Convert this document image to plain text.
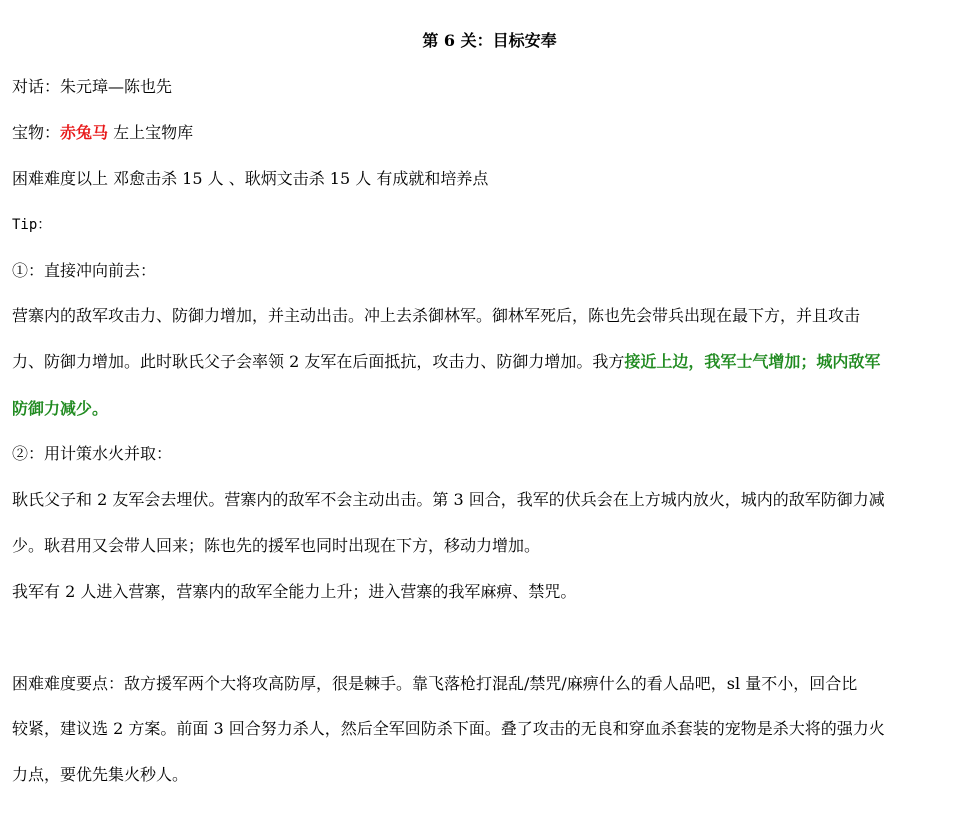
第 6 关：目标安奉
对话：朱元璋—陈也先
宝物：赤兔马 左上宝物库
困难难度以上 邓愈击杀 15 人 、耿炳文击杀 15 人 有成就和培养点
Tip：
①：直接冲向前去：
营寨内的敌军攻击力、防御力增加，并主动出击。冲上去杀御林军。御林军死后，陈也先会带兵出现在最下方，并且攻击
力、防御力增加。此时耿氏父子会率领 2 友军在后面抵抗，攻击力、防御力增加。我方接近上边，我军士气增加；城内敌军
防御力减少。
②：用计策水火并取：
耿氏父子和 2 友军会去埋伏。营寨内的敌军不会主动出击。第 3 回合，我军的伏兵会在上方城内放火，城内的敌军防御力减
少。耿君用又会带人回来；陈也先的援军也同时出现在下方，移动力增加。
我军有 2 人进入营寨，营寨内的敌军全能力上升；进入营寨的我军麻痹、禁咒。
困难难度要点：敌方援军两个大将攻高防厚，很是棘手。靠飞落枪打混乱/禁咒/麻痹什么的看人品吧，sl 量不小，回合比
较紧，建议选 2 方案。前面 3 回合努力杀人，然后全军回防杀下面。叠了攻击的无良和穿血杀套装的宠物是杀大将的强力火
力点，要优先集火秒人。
